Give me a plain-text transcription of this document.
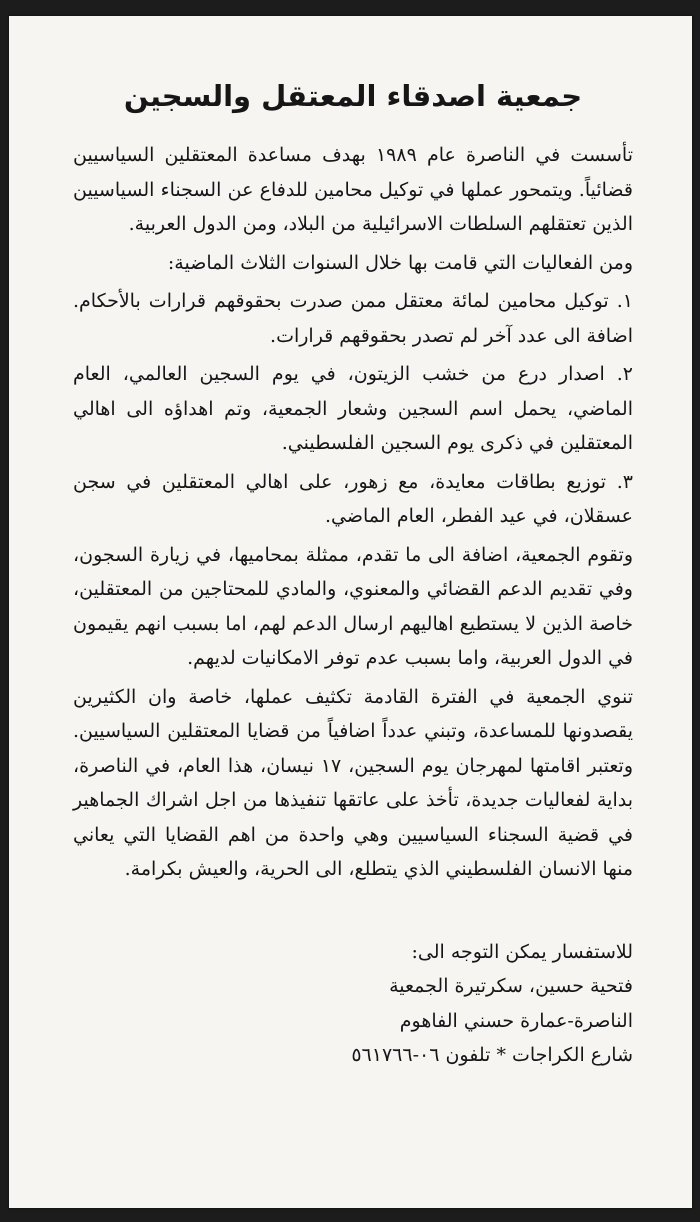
جمعية اصدقاء المعتقل والسجين

تأسست في الناصرة عام ١٩٨٩ بهدف مساعدة المعتقلين السياسيين قضائياً. ويتمحور عملها في توكيل محامين للدفاع عن السجناء السياسيين الذين تعتقلهم السلطات الاسرائيلية من البلاد، ومن الدول العربية.

ومن الفعاليات التي قامت بها خلال السنوات الثلاث الماضية:

١. توكيل محامين لمائة معتقل ممن صدرت بحقوقهم قرارات بالأحكام. اضافة الى عدد آخر لم تصدر بحقوقهم قرارات.

٢. اصدار درع من خشب الزيتون، في يوم السجين العالمي، العام الماضي، يحمل اسم السجين وشعار الجمعية، وتم اهداؤه الى اهالي المعتقلين في ذكرى يوم السجين الفلسطيني.

٣. توزيع بطاقات معايدة، مع زهور، على اهالي المعتقلين في سجن عسقلان، في عيد الفطر، العام الماضي.

وتقوم الجمعية، اضافة الى ما تقدم، ممثلة بمحاميها، في زيارة السجون، وفي تقديم الدعم القضائي والمعنوي، والمادي للمحتاجين من المعتقلين، خاصة الذين لا يستطيع اهاليهم ارسال الدعم لهم، اما بسبب انهم يقيمون في الدول العربية، واما بسبب عدم توفر الامكانيات لديهم.

تنوي الجمعية في الفترة القادمة تكثيف عملها، خاصة وان الكثيرين يقصدونها للمساعدة، وتبني عدداً اضافياً من قضايا المعتقلين السياسيين. وتعتبر اقامتها لمهرجان يوم السجين، ١٧ نيسان، هذا العام، في الناصرة، بداية لفعاليات جديدة، تأخذ على عاتقها تنفيذها من اجل اشراك الجماهير في قضية السجناء السياسيين وهي واحدة من اهم القضايا التي يعاني منها الانسان الفلسطيني الذي يتطلع، الى الحرية، والعيش بكرامة.

للاستفسار يمكن التوجه الى:
فتحية حسين، سكرتيرة الجمعية
الناصرة-عمارة حسني الفاهوم
شارع الكراجات * تلفون ٠٦-٥٦١٧٦٦
